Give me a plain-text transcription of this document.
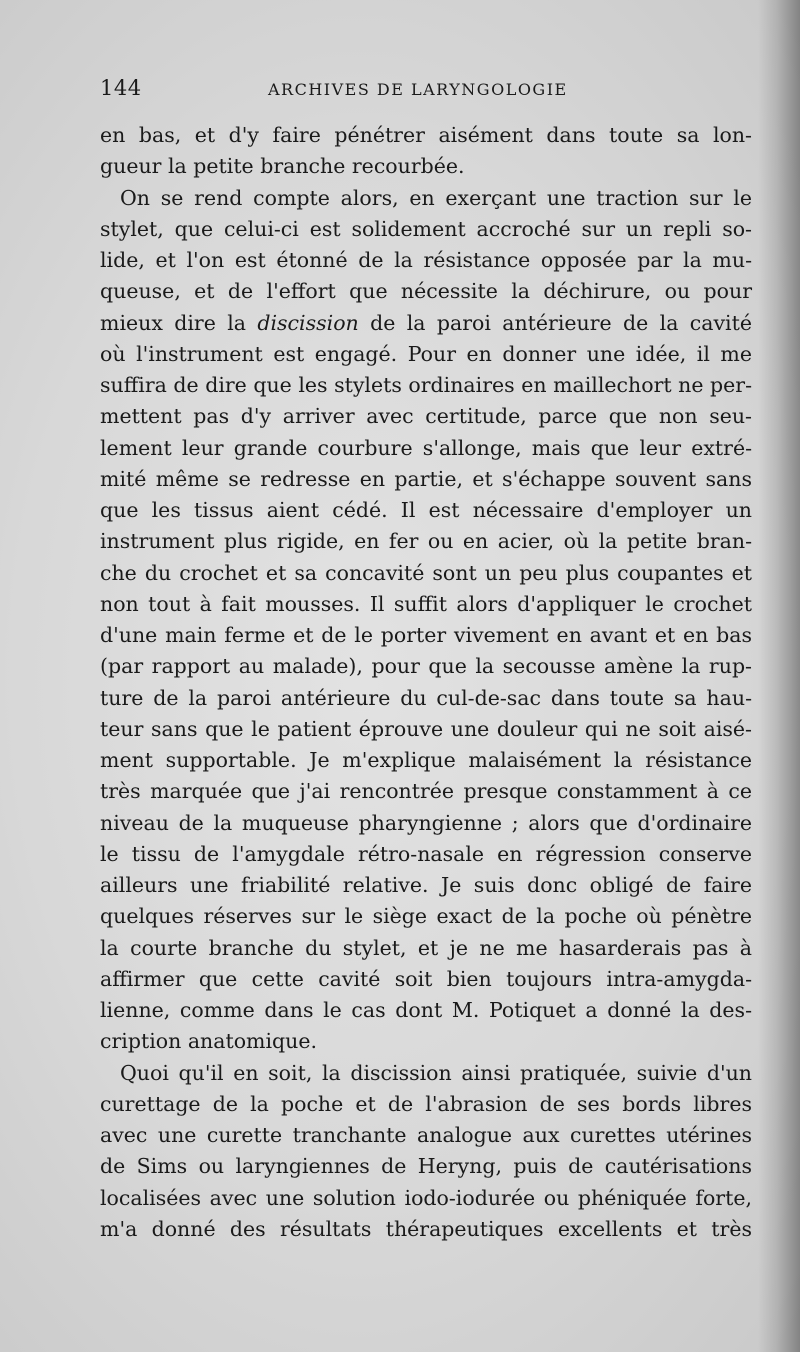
144	ARCHIVES DE LARYNGOLOGIE
en bas, et d'y faire pénétrer aisément dans toute sa lon-
gueur la petite branche recourbée.
On se rend compte alors, en exerçant une traction sur le
stylet, que celui-ci est solidement accroché sur un repli so-
lide, et l'on est étonné de la résistance opposée par la mu-
queuse, et de l'effort que nécessite la déchirure, ou pour
mieux dire la discission de la paroi antérieure de la cavité
où l'instrument est engagé. Pour en donner une idée, il me
suffira de dire que les stylets ordinaires en maillechort ne per-
mettent pas d'y arriver avec certitude, parce que non seu-
lement leur grande courbure s'allonge, mais que leur extré-
mité même se redresse en partie, et s'échappe souvent sans
que les tissus aient cédé. Il est nécessaire d'employer un
instrument plus rigide, en fer ou en acier, où la petite bran-
che du crochet et sa concavité sont un peu plus coupantes et
non tout à fait mousses. Il suffit alors d'appliquer le crochet
d'une main ferme et de le porter vivement en avant et en bas
(par rapport au malade), pour que la secousse amène la rup-
ture de la paroi antérieure du cul-de-sac dans toute sa hau-
teur sans que le patient éprouve une douleur qui ne soit aisé-
ment supportable. Je m'explique malaisément la résistance
très marquée que j'ai rencontrée presque constamment à ce
niveau de la muqueuse pharyngienne ; alors que d'ordinaire
le tissu de l'amygdale rétro-nasale en régression conserve
ailleurs une friabilité relative. Je suis donc obligé de faire
quelques réserves sur le siège exact de la poche où pénètre
la courte branche du stylet, et je ne me hasarderais pas à
affirmer que cette cavité soit bien toujours intra-amygda-
lienne, comme dans le cas dont M. Potiquet a donné la des-
cription anatomique.
Quoi qu'il en soit, la discission ainsi pratiquée, suivie d'un
curettage de la poche et de l'abrasion de ses bords libres
avec une curette tranchante analogue aux curettes utérines
de Sims ou laryngiennes de Heryng, puis de cautérisations
localisées avec une solution iodo-iodurée ou phéniquée forte,
m'a donné des résultats thérapeutiques excellents et très
